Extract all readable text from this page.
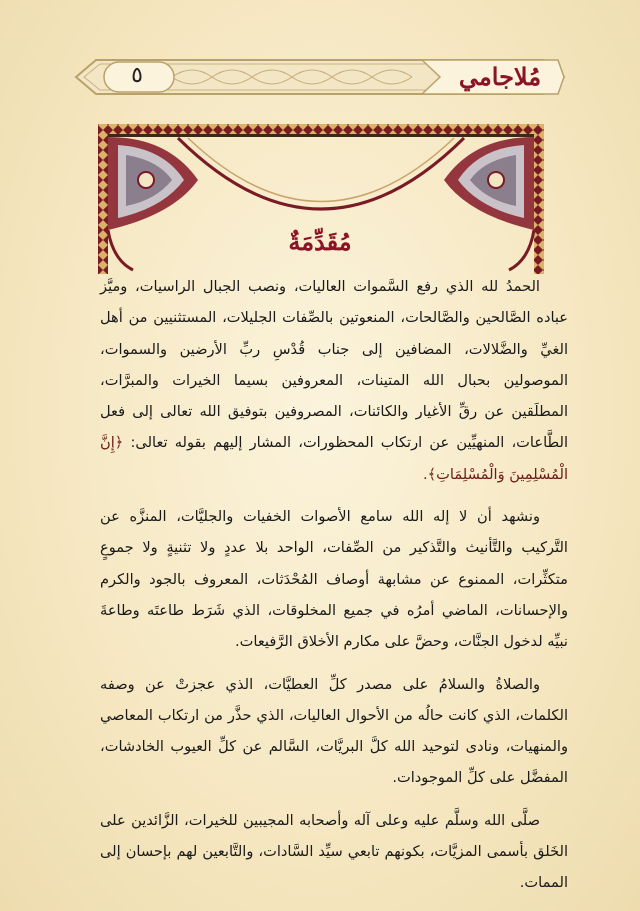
٥	مُلاجامي
مُقَدِّمَةٌ

الحمدُ لله الذي رفع السَّموات العاليات، ونصب الجبال الراسيات، وميَّز عباده الصَّالحين والصَّالحات، المنعوتين بالصِّفات الجليلات، المستثنيين من أهل الغيِّ والضَّلالات، المضافين إلى جناب قُدْسِ ربِّ الأرضين والسموات، الموصولين بحبال الله المتينات، المعروفين بسيما الخيرات والمبرَّات، المطلَقين عن رقِّ الأغيار والكائنات، المصروفين بتوفيق الله تعالى إلى فعل الطَّاعات، المنهيِّين عن ارتكاب المحظورات، المشار إليهم بقوله تعالى: ﴿إِنَّ الْمُسْلِمِينَ وَالْمُسْلِمَاتِ﴾.

ونشهد أن لا إله الله سامع الأصوات الخفيات والجليَّات، المنزَّه عن التَّركيب والتَّأنيث والتَّذكير من الصِّفات، الواحد بلا عددٍ ولا تثنيةٍ ولا جموعٍ متكثِّرات، الممنوع عن مشابهة أوصاف المُحْدَثات، المعروف بالجود والكرم والإحسانات، الماضي أمرُه في جميع المخلوقات، الذي شَرَط طاعتَه وطاعةَ نبيِّه لدخول الجنَّات، وحضَّ على مكارم الأخلاق الرَّفيعات.

والصلاةُ والسلامُ على مصدر كلِّ العطيَّات، الذي عجزتْ عن وصفه الكلمات، الذي كانت حالُه من الأحوال العاليات، الذي حذَّر من ارتكاب المعاصي والمنهيات، ونادى لتوحيد الله كلَّ البريَّات، السَّالم عن كلِّ العيوب الخادشات، المفضَّل على كلِّ الموجودات.

صلَّى الله وسلَّم عليه وعلى آله وأصحابه المجيبين للخيرات، الزَّائدين على الخَلق بأسمى المزيَّات، بكونهم تابعي سيِّد السَّادات، والتَّابعين لهم بإحسان إلى الممات.
